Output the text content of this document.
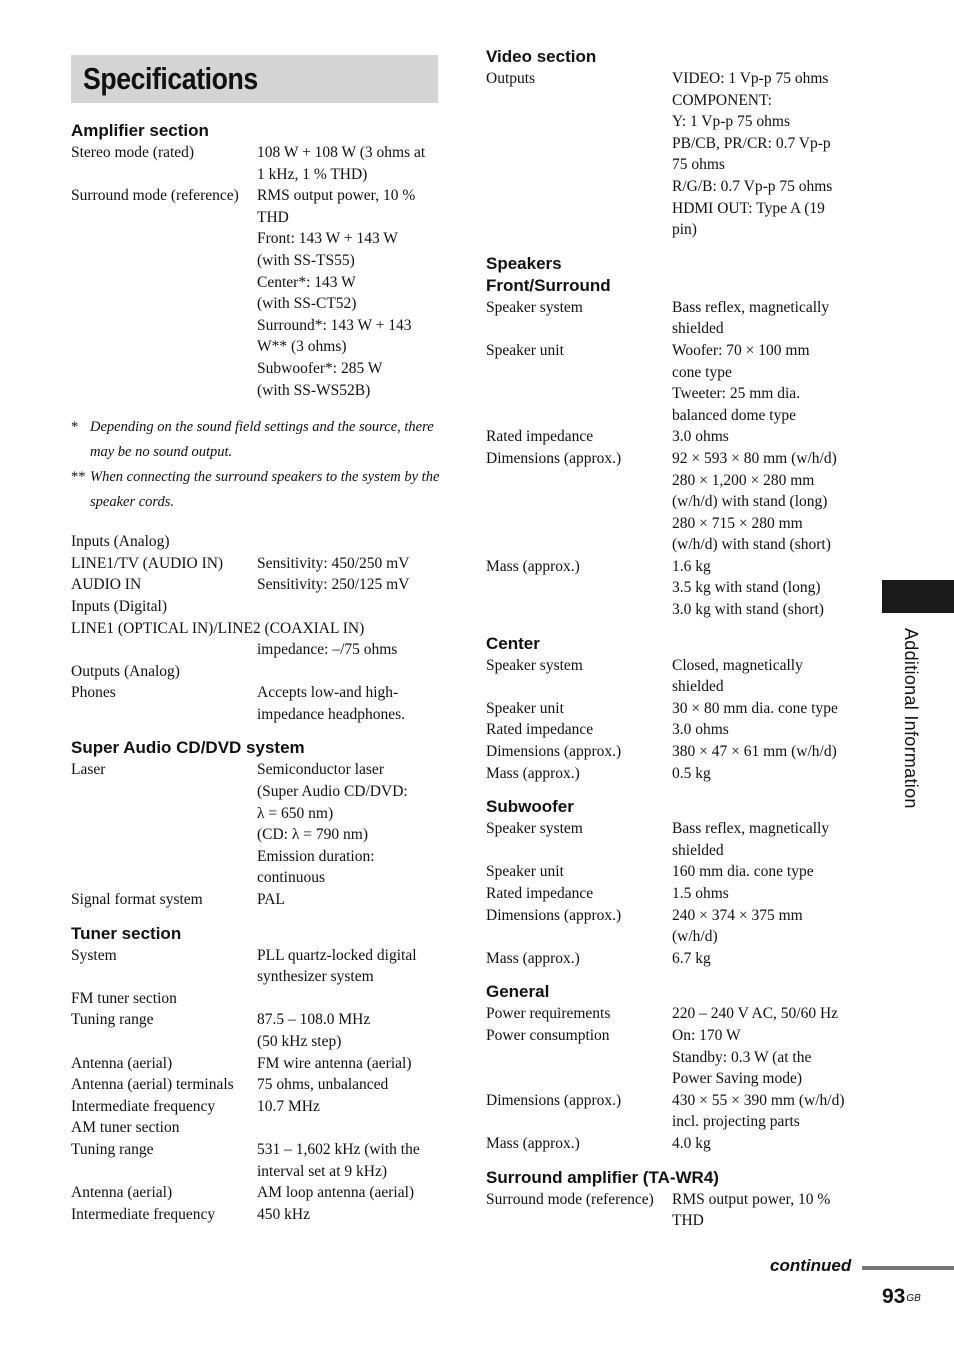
Specifications
Amplifier section
Stereo mode (rated)	108 W + 108 W (3 ohms at
1 kHz, 1 % THD)
Surround mode (reference)	RMS output power, 10 %
THD
Front: 143 W + 143 W
(with SS-TS55)
Center*: 143 W
(with SS-CT52)
Surround*: 143 W + 143
W** (3 ohms)
Subwoofer*: 285 W
(with SS-WS52B)
* Depending on the sound field settings and the source, there may be no sound output.
** When connecting the surround speakers to the system by the speaker cords.
Inputs (Analog)
LINE1/TV (AUDIO IN)	Sensitivity: 450/250 mV
AUDIO IN	Sensitivity: 250/125 mV
Inputs (Digital)
LINE1 (OPTICAL IN)/LINE2 (COAXIAL IN)
impedance: –/75 ohms
Outputs (Analog)
Phones	Accepts low-and high-
impedance headphones.
Super Audio CD/DVD system
Laser	Semiconductor laser
(Super Audio CD/DVD:
λ = 650 nm)
(CD: λ = 790 nm)
Emission duration:
continuous
Signal format system	PAL
Tuner section
System	PLL quartz-locked digital
synthesizer system
FM tuner section
Tuning range	87.5 – 108.0 MHz
(50 kHz step)
Antenna (aerial)	FM wire antenna (aerial)
Antenna (aerial) terminals	75 ohms, unbalanced
Intermediate frequency	10.7 MHz
AM tuner section
Tuning range	531 – 1,602 kHz (with the
interval set at 9 kHz)
Antenna (aerial)	AM loop antenna (aerial)
Intermediate frequency	450 kHz
Video section
Outputs	VIDEO: 1 Vp-p 75 ohms
COMPONENT:
Y: 1 Vp-p 75 ohms
PB/CB, PR/CR: 0.7 Vp-p
75 ohms
R/G/B: 0.7 Vp-p 75 ohms
HDMI OUT: Type A (19
pin)
Speakers
Front/Surround
Speaker system	Bass reflex, magnetically
shielded
Speaker unit	Woofer: 70 × 100 mm
cone type
Tweeter: 25 mm dia.
balanced dome type
Rated impedance	3.0 ohms
Dimensions (approx.)	92 × 593 × 80 mm (w/h/d)
280 × 1,200 × 280 mm
(w/h/d) with stand (long)
280 × 715 × 280 mm
(w/h/d) with stand (short)
Mass (approx.)	1.6 kg
3.5 kg with stand (long)
3.0 kg with stand (short)
Center
Speaker system	Closed, magnetically
shielded
Speaker unit	30 × 80 mm dia. cone type
Rated impedance	3.0 ohms
Dimensions (approx.)	380 × 47 × 61 mm (w/h/d)
Mass (approx.)	0.5 kg
Subwoofer
Speaker system	Bass reflex, magnetically
shielded
Speaker unit	160 mm dia. cone type
Rated impedance	1.5 ohms
Dimensions (approx.)	240 × 374 × 375 mm
(w/h/d)
Mass (approx.)	6.7 kg
General
Power requirements	220 – 240 V AC, 50/60 Hz
Power consumption	On: 170 W
Standby: 0.3 W (at the
Power Saving mode)
Dimensions (approx.)	430 × 55 × 390 mm (w/h/d)
incl. projecting parts
Mass (approx.)	4.0 kg
Surround amplifier (TA-WR4)
Surround mode (reference)	RMS output power, 10 %
THD
Additional Information
continued
$93^{GB}$
